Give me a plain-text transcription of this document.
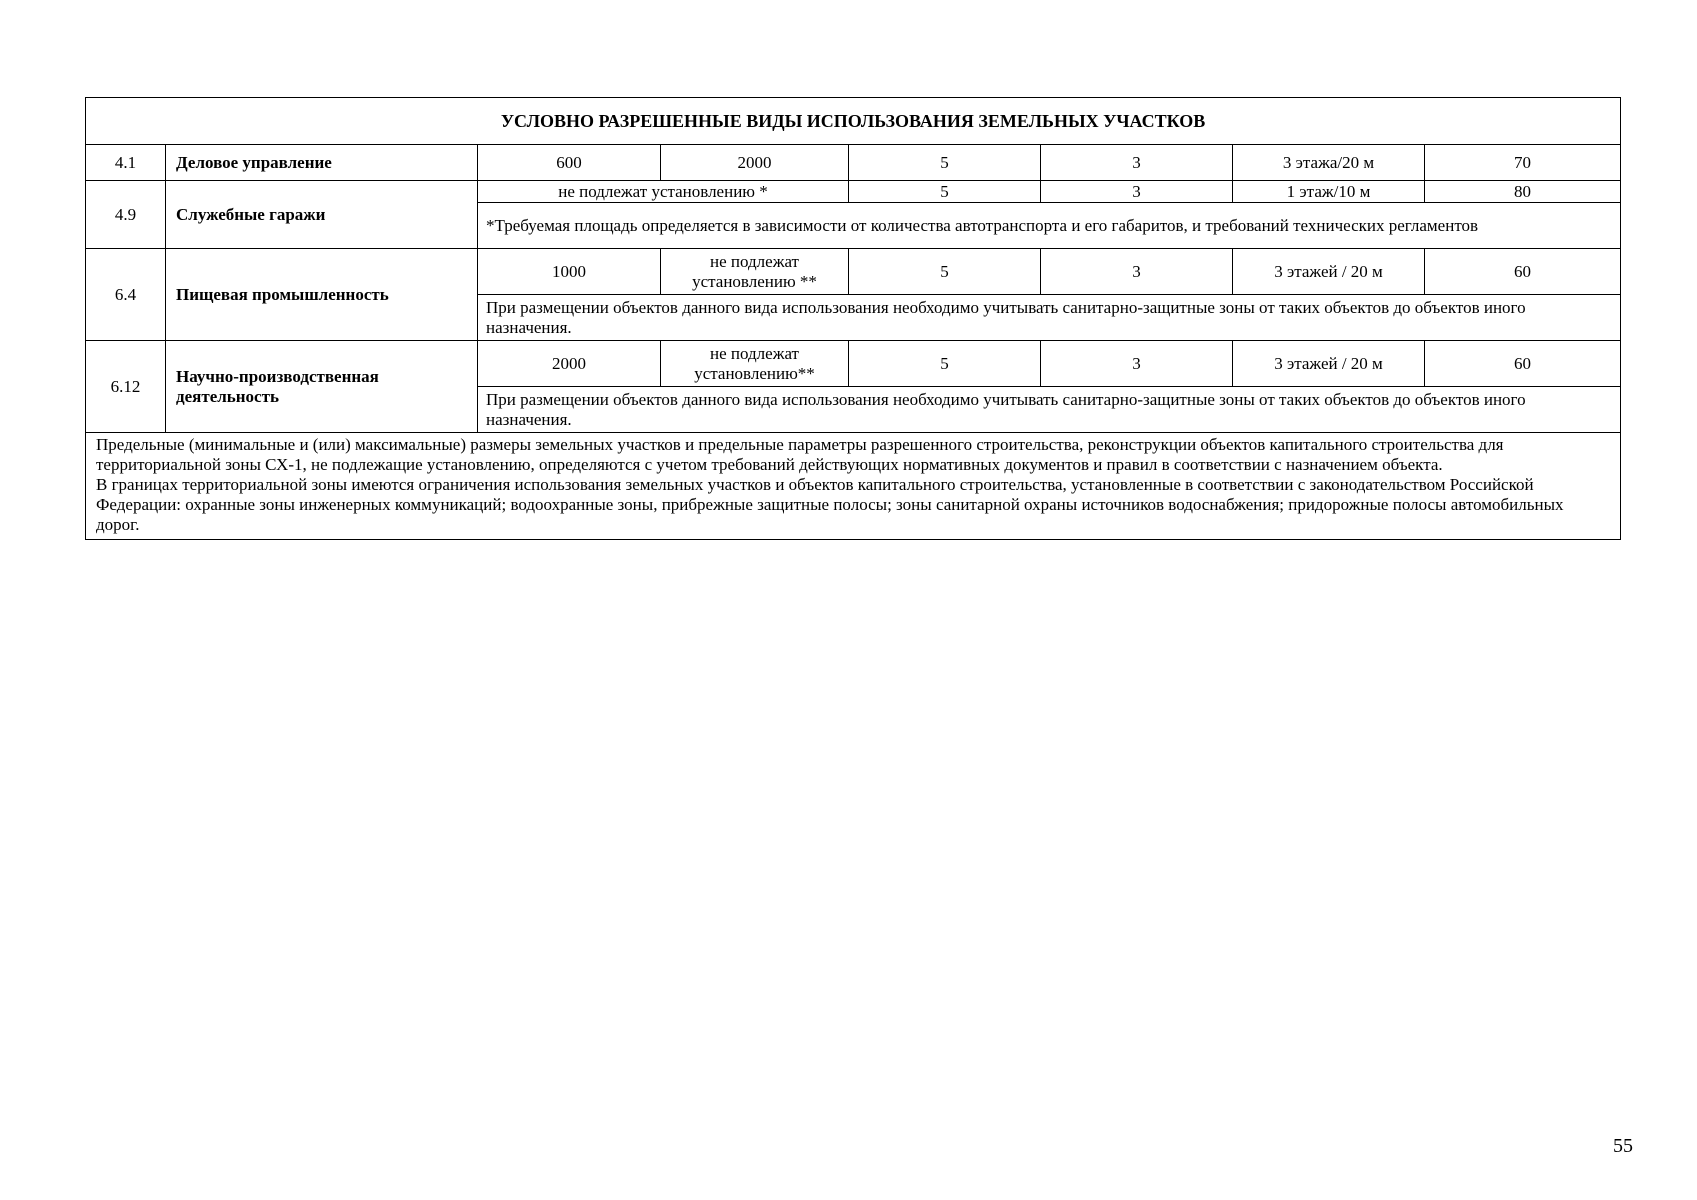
УСЛОВНО РАЗРЕШЕННЫЕ ВИДЫ ИСПОЛЬЗОВАНИЯ ЗЕМЕЛЬНЫХ УЧАСТКОВ							
4.1	Деловое управление	600	2000	5	3	3 этажа/20 м	70
4.9	Служебные гаражи	не подлежат установлению *		5	3	1 этаж/10 м	80
		*Требуемая площадь определяется в зависимости от количества автотранспорта и его габаритов, и требований технических регламентов					
6.4	Пищевая промышленность	1000	не подлежат установлению **	5	3	3 этажей / 20 м	60
		При размещении объектов данного вида использования необходимо учитывать санитарно-защитные зоны от таких объектов до объектов иного назначения.					
6.12	Научно-производственная деятельность	2000	не подлежат установлению**	5	3	3 этажей / 20 м	60
		При размещении объектов данного вида использования необходимо учитывать санитарно-защитные зоны от таких объектов до объектов иного назначения.					

Предельные (минимальные и (или) максимальные) размеры земельных участков и предельные параметры разрешенного строительства, реконструкции объектов капитального строительства для территориальной зоны СХ-1, не подлежащие установлению, определяются с учетом требований действующих нормативных документов и правил в соответствии с назначением объекта.
В границах территориальной зоны имеются ограничения использования земельных участков и объектов капитального строительства, установленные в соответствии с законодательством Российской Федерации: охранные зоны инженерных коммуникаций; водоохранные зоны, прибрежные защитные полосы; зоны санитарной охраны источников водоснабжения; придорожные полосы автомобильных дорог.							
55
